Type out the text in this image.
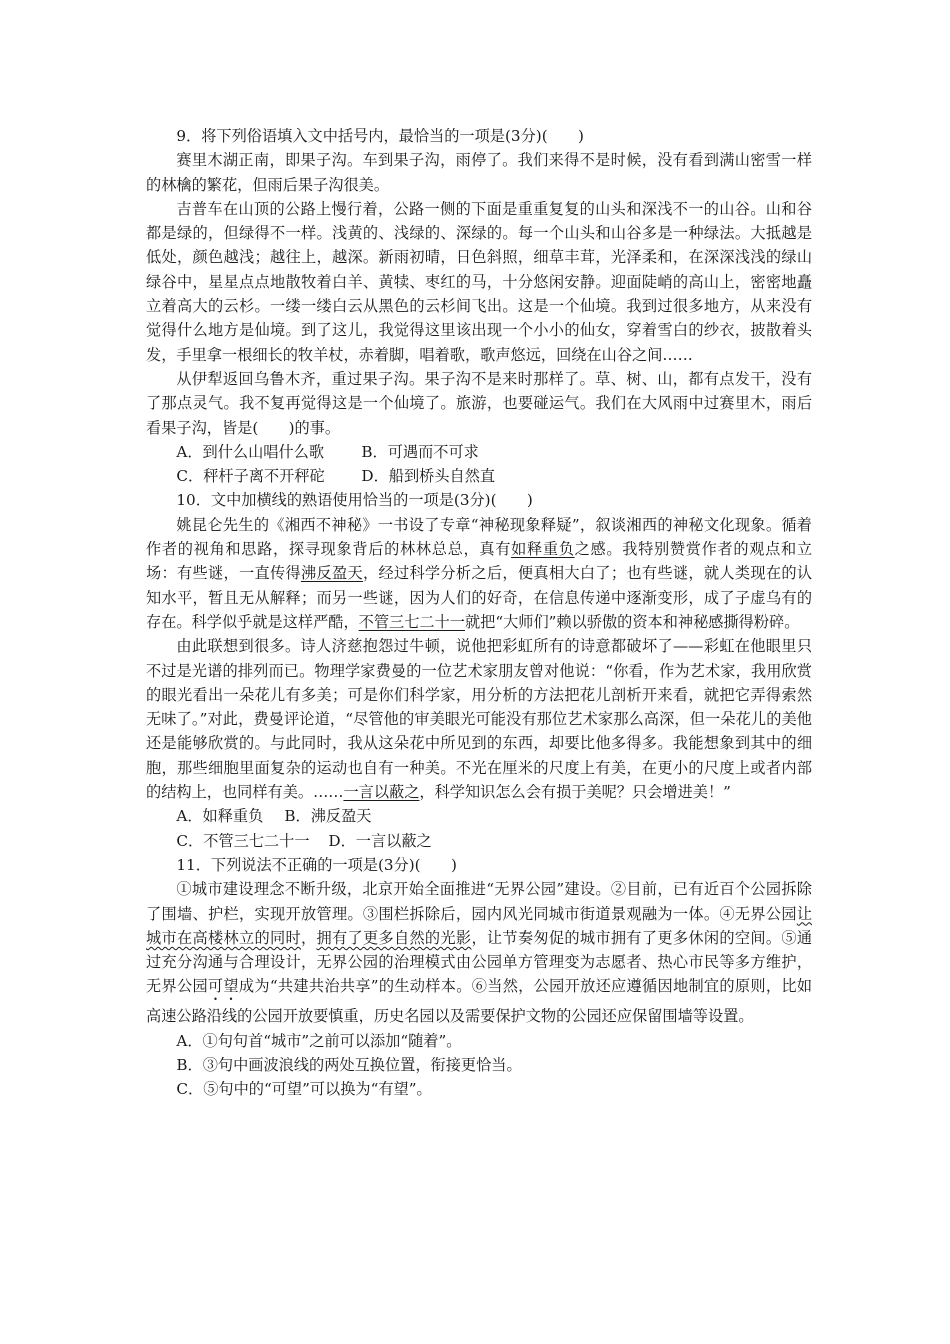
9．将下列俗语填入文中括号内，最恰当的一项是(3分)(　　)

赛里木湖正南，即果子沟。车到果子沟，雨停了。我们来得不是时候，没有看到满山密雪一样的林檎的繁花，但雨后果子沟很美。

吉普车在山顶的公路上慢行着，公路一侧的下面是重重复复的山头和深浅不一的山谷。山和谷都是绿的，但绿得不一样。浅黄的、浅绿的、深绿的。每一个山头和山谷多是一种绿法。大抵越是低处，颜色越浅；越往上，越深。新雨初晴，日色斜照，细草丰茸，光泽柔和，在深深浅浅的绿山绿谷中，星星点点地散牧着白羊、黄犊、枣红的马，十分悠闲安静。迎面陡峭的高山上，密密地矗立着高大的云杉。一缕一缕白云从黑色的云杉间飞出。这是一个仙境。我到过很多地方，从来没有觉得什么地方是仙境。到了这儿，我觉得这里该出现一个小小的仙女，穿着雪白的纱衣，披散着头发，手里拿一根细长的牧羊杖，赤着脚，唱着歌，歌声悠远，回绕在山谷之间……

从伊犁返回乌鲁木齐，重过果子沟。果子沟不是来时那样了。草、树、山，都有点发干，没有了那点灵气。我不复再觉得这是一个仙境了。旅游，也要碰运气。我们在大风雨中过赛里木，雨后看果子沟，皆是(　　)的事。

A．到什么山唱什么歌 B．可遇而不可求

C．秤杆子离不开秤砣 D．船到桥头自然直

10．文中加横线的熟语使用恰当的一项是(3分)(　　)

姚昆仑先生的《湘西不神秘》一书设了专章“神秘现象释疑”，叙谈湘西的神秘文化现象。循着作者的视角和思路，探寻现象背后的林林总总，真有如释重负之感。我特别赞赏作者的观点和立场：有些谜，一直传得沸反盈天，经过科学分析之后，便真相大白了；也有些谜，就人类现在的认知水平，暂且无从解释；而另一些谜，因为人们的好奇，在信息传递中逐渐变形，成了子虚乌有的存在。科学似乎就是这样严酷，不管三七二十一就把“大师们”赖以骄傲的资本和神秘感撕得粉碎。

由此联想到很多。诗人济慈抱怨过牛顿，说他把彩虹所有的诗意都破坏了——彩虹在他眼里只不过是光谱的排列而已。物理学家费曼的一位艺术家朋友曾对他说：“你看，作为艺术家，我用欣赏的眼光看出一朵花儿有多美；可是你们科学家，用分析的方法把花儿剖析开来看，就把它弄得索然无味了。”对此，费曼评论道，“尽管他的审美眼光可能没有那位艺术家那么高深，但一朵花儿的美他还是能够欣赏的。与此同时，我从这朵花中所见到的东西，却要比他多得多。我能想象到其中的细胞，那些细胞里面复杂的运动也自有一种美。不光在厘米的尺度上有美，在更小的尺度上或者内部的结构上，也同样有美。……一言以蔽之，科学知识怎么会有损于美呢？只会增进美！”

A．如释重负 B．沸反盈天

C．不管三七二十一 D．一言以蔽之

11．下列说法不正确的一项是(3分)(　　)

①城市建设理念不断升级，北京开始全面推进“无界公园”建设。②目前，已有近百个公园拆除了围墙、护栏，实现开放管理。③围栏拆除后，园内风光同城市街道景观融为一体。④无界公园让城市在高楼林立的同时，拥有了更多自然的光影，让节奏匆促的城市拥有了更多休闲的空间。⑤通过充分沟通与合理设计，无界公园的治理模式由公园单方管理变为志愿者、热心市民等多方维护，无界公园可望成为“共建共治共享”的生动样本。⑥当然，公园开放还应遵循因地制宜的原则，比如高速公路沿线的公园开放要慎重，历史名园以及需要保护文物的公园还应保留围墙等设置。

A．①句句首“城市”之前可以添加“随着”。

B．③句中画波浪线的两处互换位置，衔接更恰当。

C．⑤句中的“可望”可以换为“有望”。
